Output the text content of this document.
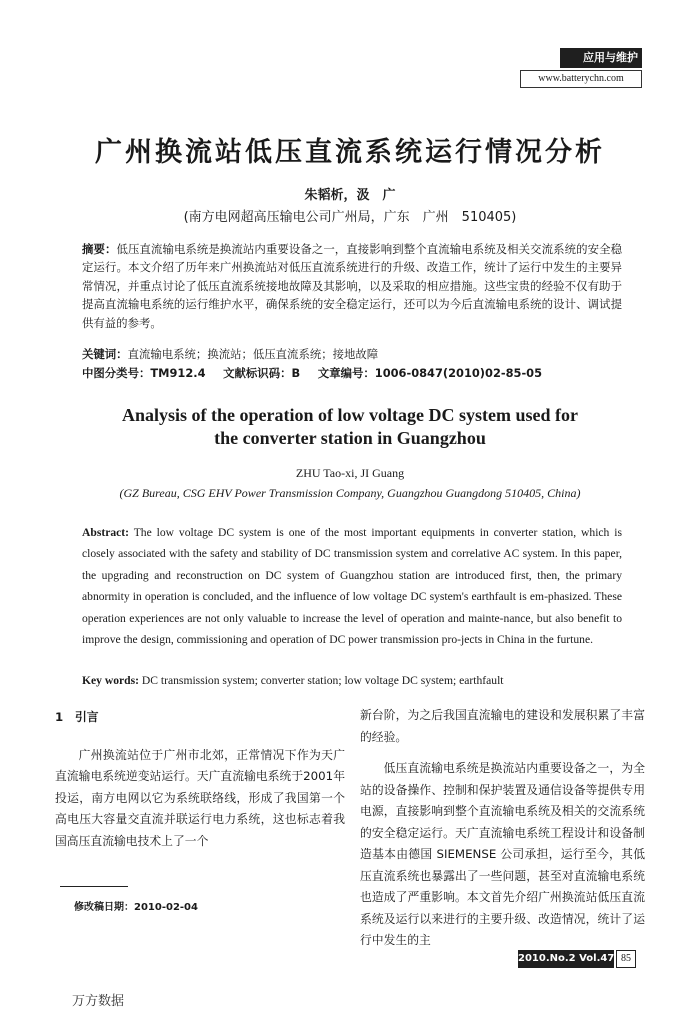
应用与维护
www.batterychn.com
广州换流站低压直流系统运行情况分析
朱韬析，汲　广
(南方电网超高压输电公司广州局，广东　广州　510405)
摘要：低压直流输电系统是换流站内重要设备之一，直接影响到整个直流输电系统及相关交流系统的安全稳定运行。本文介绍了历年来广州换流站对低压直流系统进行的升级、改造工作，统计了运行中发生的主要异常情况，并重点讨论了低压直流系统接地故障及其影响，以及采取的相应措施。这些宝贵的经验不仅有助于提高直流输电系统的运行维护水平，确保系统的安全稳定运行，还可以为今后直流输电系统的设计、调试提供有益的参考。
关键词：直流输电系统；换流站；低压直流系统；接地故障
中图分类号：TM912.4 文献标识码：B 文章编号：1006-0847(2010)02-85-05
Analysis of the operation of low voltage DC system used for
the converter station in Guangzhou
ZHU Tao-xi, JI Guang
(GZ Bureau, CSG EHV Power Transmission Company, Guangzhou Guangdong 510405, China)
Abstract: The low voltage DC system is one of the most important equipments in converter station, which is closely associated with the safety and stability of DC transmission system and correlative AC system. In this paper, the upgrading and reconstruction on DC system of Guangzhou station are introduced first, then, the primary abnormity in operation is concluded, and the influence of low voltage DC system's earthfault is em-phasized. These operation experiences are not only valuable to increase the level of operation and mainte-nance, but also benefit to improve the design, commissioning and operation of DC power transmission pro-jects in China in the furtune.
Key words: DC transmission system; converter station; low voltage DC system; earthfault
1　引言

广州换流站位于广州市北郊，正常情况下作为天广直流输电系统逆变站运行。天广直流输电系统于2001年投运，南方电网以它为系统联络线，形成了我国第一个高电压大容量交直流并联运行电力系统，这也标志着我国高压直流输电技术上了一个

新台阶，为之后我国直流输电的建设和发展积累了丰富的经验。

低压直流输电系统是换流站内重要设备之一，为全站的设备操作、控制和保护装置及通信设备等提供专用电源，直接影响到整个直流输电系统及相关的交流系统的安全稳定运行。天广直流输电系统工程设计和设备制造基本由德国 SIEMENSE 公司承担，运行至今，其低压直流系统也暴露出了一些问题，甚至对直流输电系统也造成了严重影响。本文首先介绍广州换流站低压直流系统及运行以来进行的主要升级、改造情况，统计了运行中发生的主

修改稿日期：2010-02-04
2010.No.2 Vol.47 85
万方数据
